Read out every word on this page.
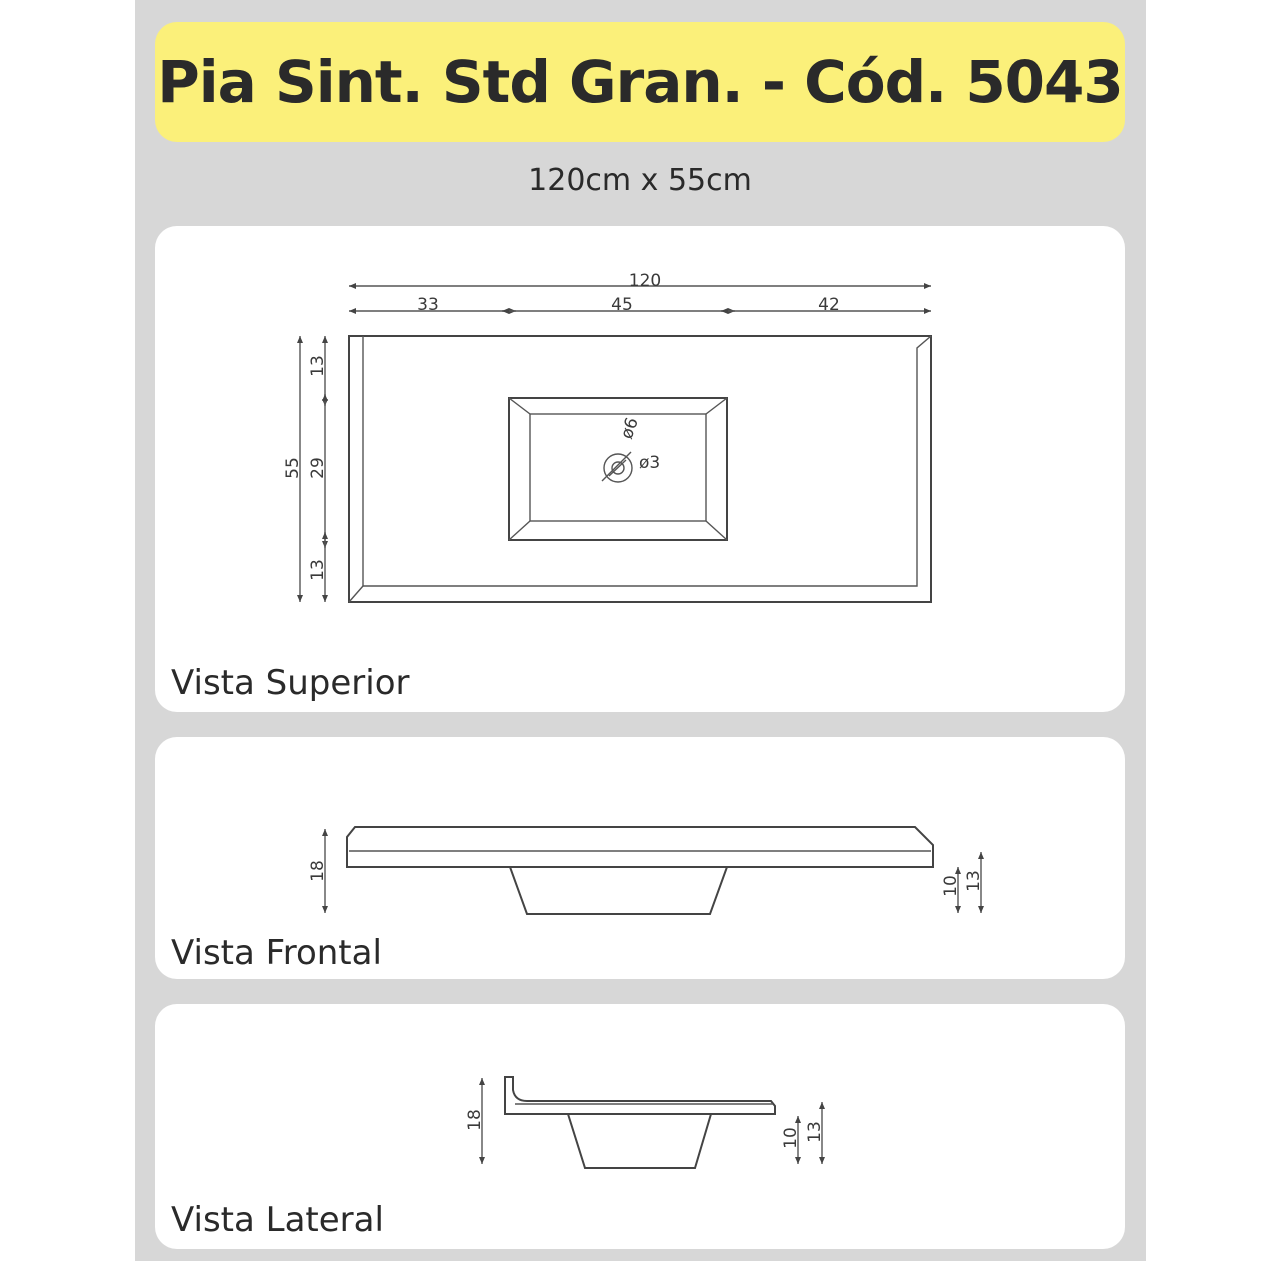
Pia Sint. Std Gran. - Cód. 5043
120cm x 55cm
120
33	45	42
55
13
29
13
ø6
ø3
Vista Superior
18
10 13
Vista Frontal
18
10 13
Vista Lateral
